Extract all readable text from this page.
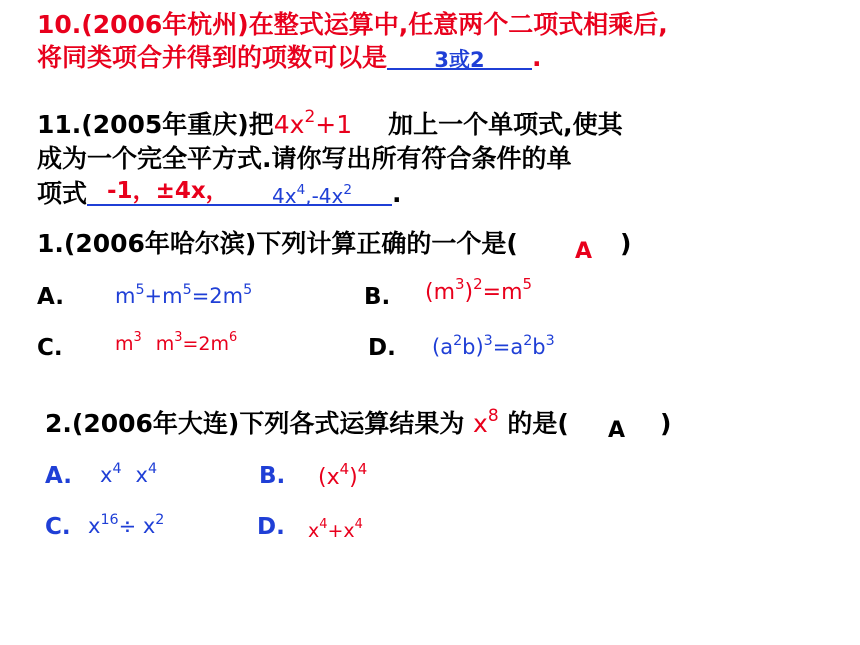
10.(2006年杭州)在整式运算中,任意两个二项式相乘后,
将同类项合并得到的项数可以是 3或2 .
11.(2005年重庆)把$4x^2+1$ 加上一个单项式,使其
成为一个完全平方式.请你写出所有符合条件的单
项式 -1，±4x， $4x^4,-4x^2$ .
1.(2006年哈尔滨)下列计算正确的一个是(	A )
A. $m^5+m^5=2m^5$	B. $(m^3)^2=m^5$
C.	$m^3$ $m^3=2m^6$	D. $(a^2b)^3=a^2b^3$
2.(2006年大连)下列各式运算结果为 $x^8$ 的是( A )
A. $x^4$ $x^4$	B. $(x^4)^4$
C. $x^{16}\div x^2$	D. $x^4+x^4$
